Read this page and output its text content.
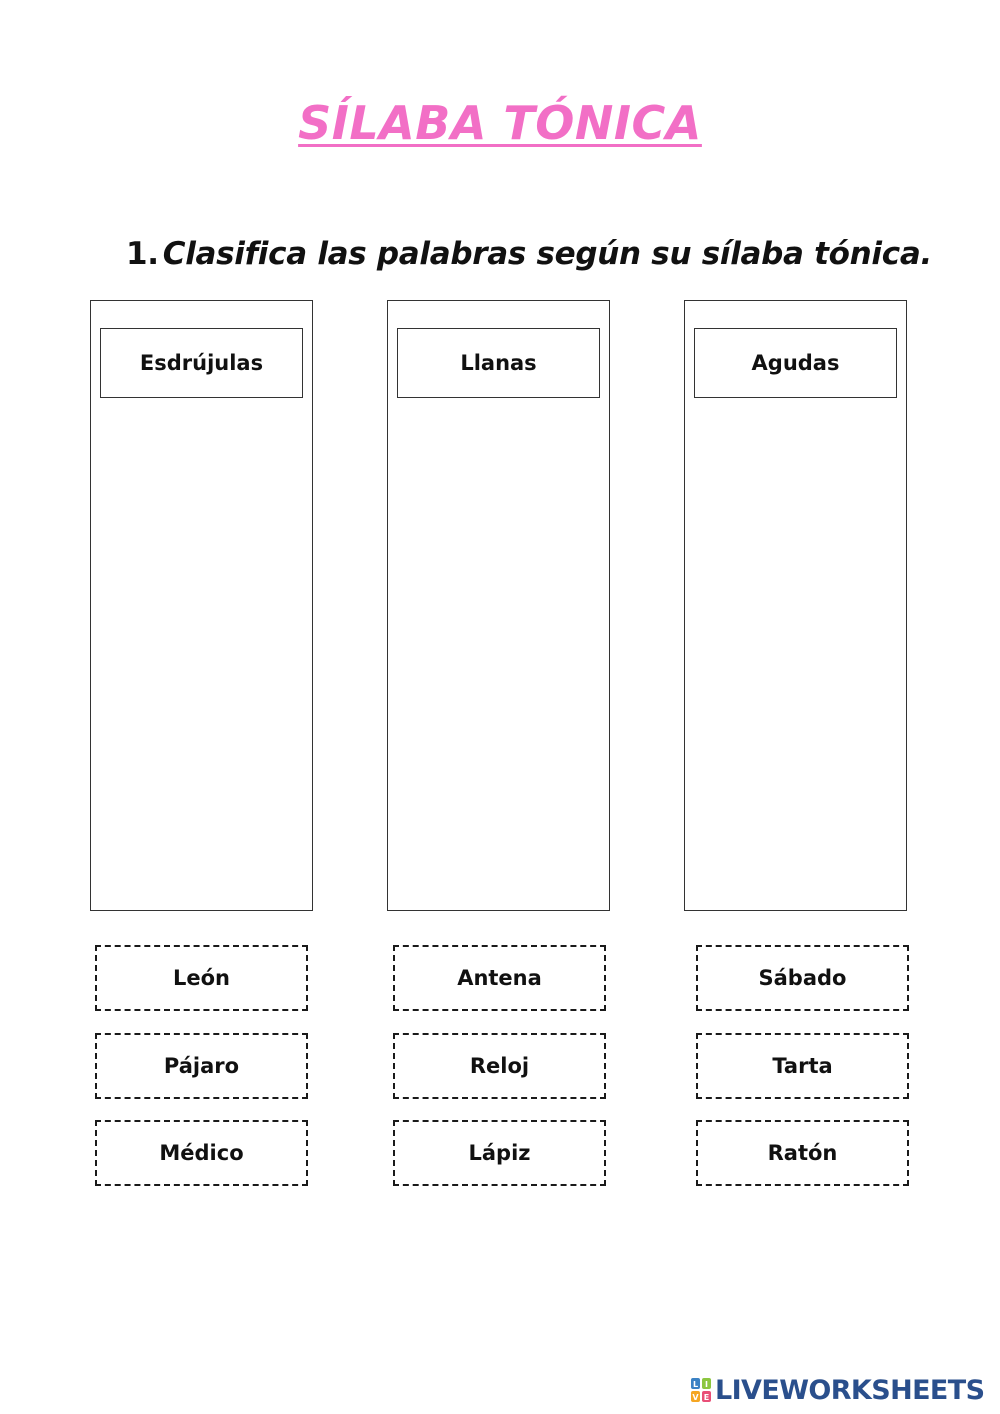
SÍLABA TÓNICA
1. Clasifica las palabras según su sílaba tónica.
Esdrújulas	Llanas	Agudas
León	Antena	Sábado
Pájaro	Reloj	Tarta
Médico	Lápiz	Ratón
L I
V E LIVEWORKSHEETS
